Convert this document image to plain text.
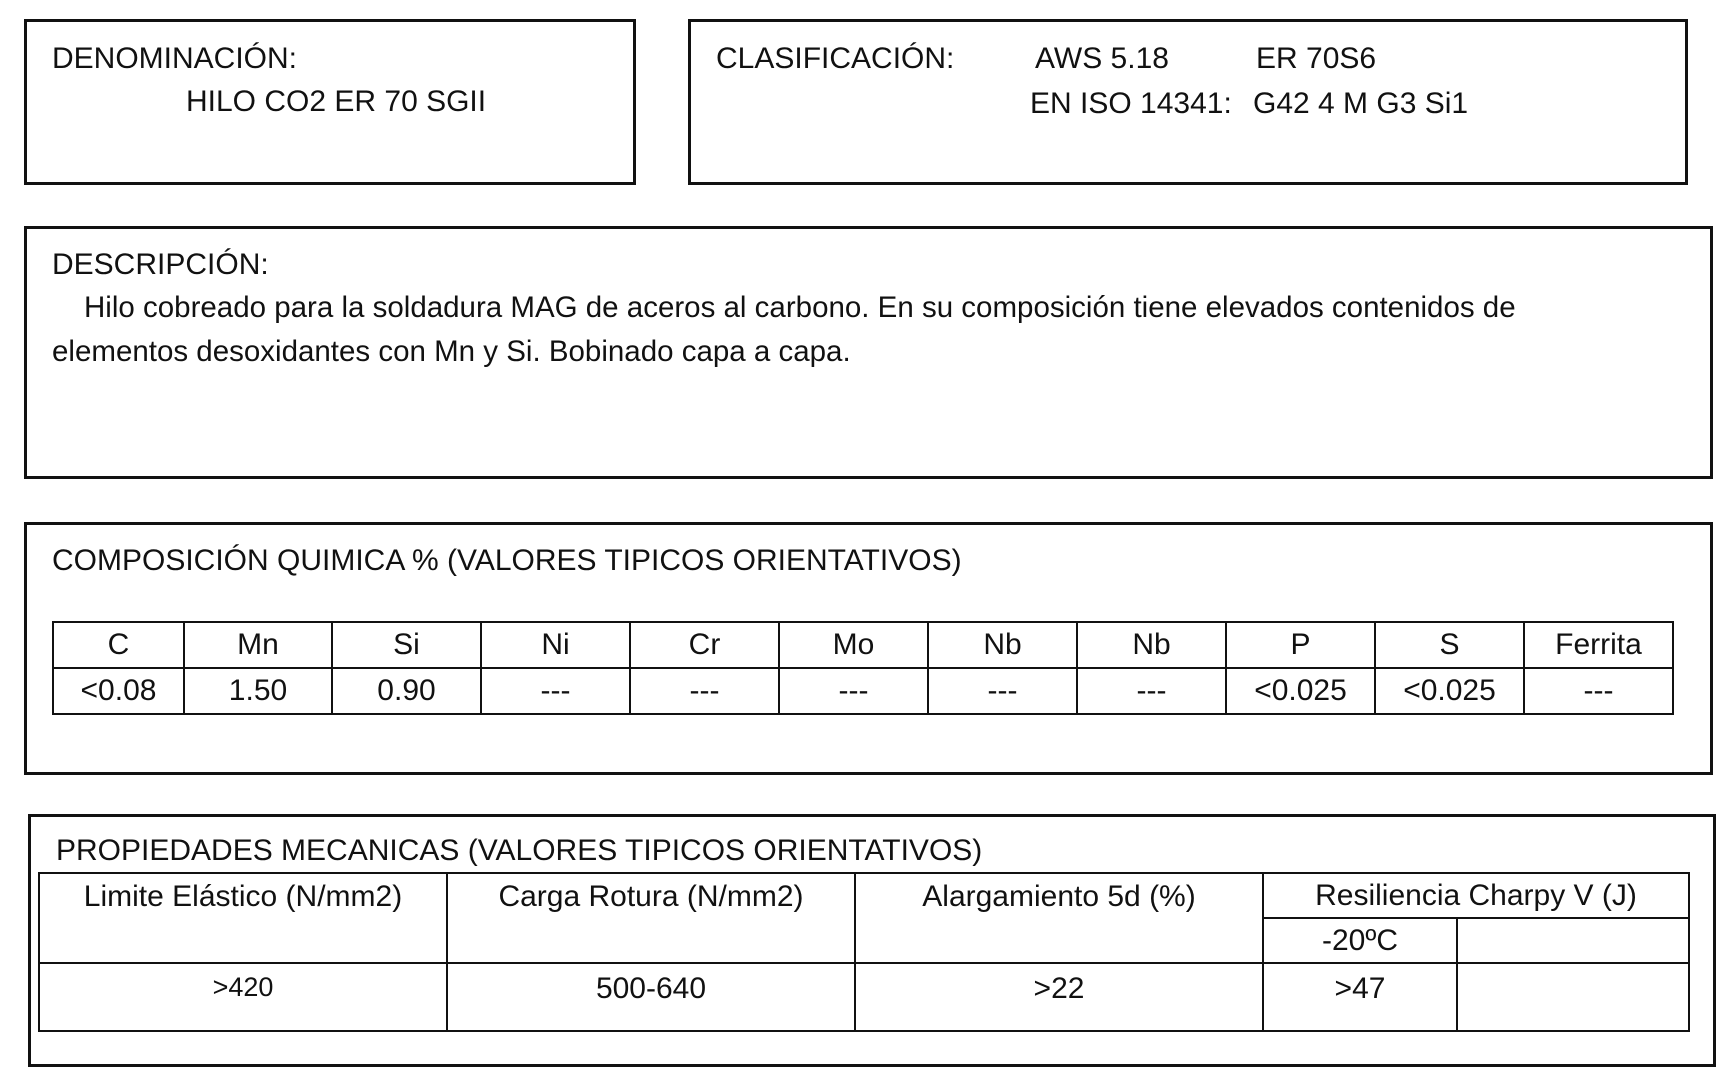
DENOMINACIÓN:
HILO CO2 ER 70 SGII
CLASIFICACIÓN:	AWS 5.18	ER 70S6
EN ISO 14341: G42 4 M G3 Si1
DESCRIPCIÓN:
Hilo cobreado para la soldadura MAG de aceros al carbono. En su composición tiene elevados contenidos de
elementos desoxidantes con Mn y Si. Bobinado capa a capa.
COMPOSICIÓN QUIMICA % (VALORES TIPICOS ORIENTATIVOS)
C	Mn	Si	Ni	Cr	Mo	Nb	Nb	P	S	Ferrita
<0.08	1.50	0.90	---	---	---	---	---	<0.025	<0.025	---
PROPIEDADES MECANICAS (VALORES TIPICOS ORIENTATIVOS)
Limite Elástico (N/mm2)	Carga Rotura (N/mm2)	Alargamiento 5d (%)	Resiliencia Charpy V (J)	
			-20ºC	
>420	500-640	>22	>47	
